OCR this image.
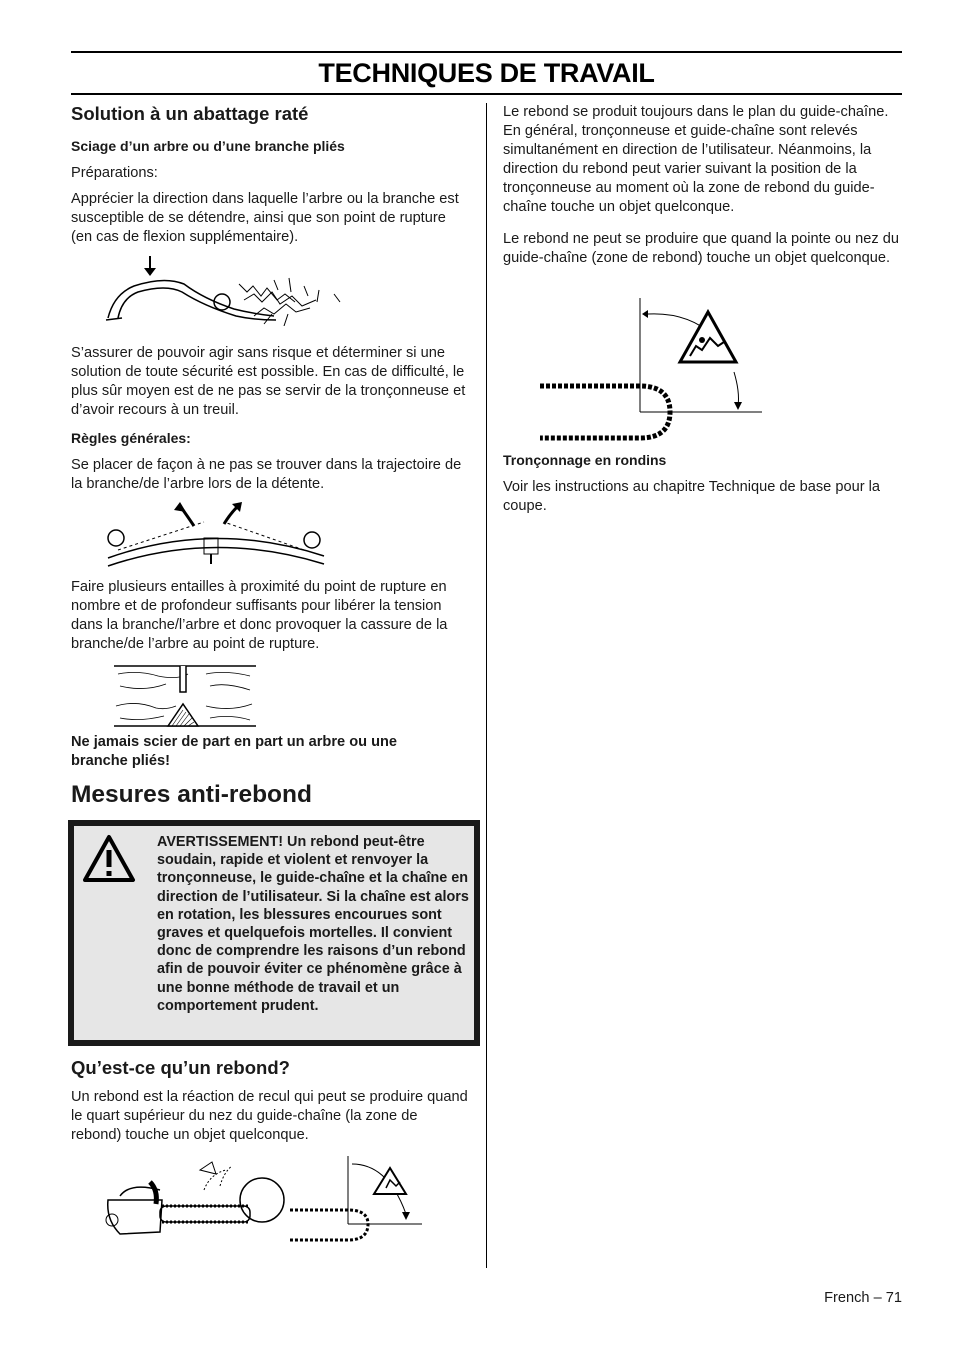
TECHNIQUES DE TRAVAIL
Solution à un abattage raté

Sciage d’un arbre ou d’une branche pliés

Préparations:

Apprécier la direction dans laquelle l’arbre ou la branche est susceptible de se détendre, ainsi que son point de rupture (en cas de flexion supplémentaire).

S’assurer de pouvoir agir sans risque et déterminer si une solution de toute sécurité est possible. En cas de difficulté, le plus sûr moyen est de ne pas se servir de la tronçonneuse et d’avoir recours à un treuil.

Règles générales:

Se placer de façon à ne pas se trouver dans la trajectoire de la branche/de l’arbre lors de la détente.

Faire plusieurs entailles à proximité du point de rupture en nombre et de profondeur suffisants pour libérer la tension dans la branche/l’arbre et donc provoquer la cassure de la branche/de l’arbre au point de rupture.

Ne jamais scier de part en part un arbre ou une branche pliés!

Mesures anti-rebond
Qu’est-ce qu’un rebond?

Un rebond est la réaction de recul qui peut se produire quand le quart supérieur du nez du guide-chaîne (la zone de rebond) touche un objet quelconque.

AVERTISSEMENT! Un rebond peut-être soudain, rapide et violent et renvoyer la tronçonneuse, le guide-chaîne et la chaîne en direction de l’utilisateur. Si la chaîne est alors en rotation, les blessures encourues sont graves et quelquefois mortelles. Il convient donc de comprendre les raisons d’un rebond afin de pouvoir éviter ce phénomène grâce à une bonne méthode de travail et un comportement prudent.

Le rebond se produit toujours dans le plan du guide-chaîne. En général, tronçonneuse et guide-chaîne sont relevés simultanément en direction de l’utilisateur. Néanmoins, la direction du rebond peut varier suivant la position de la tronçonneuse au moment où la zone de rebond du guide-chaîne touche un objet quelconque.

Le rebond ne peut se produire que quand la pointe ou nez du guide-chaîne (zone de rebond) touche un objet quelconque.

Tronçonnage en rondins

Voir les instructions au chapitre Technique de base pour la coupe.

French – 71
